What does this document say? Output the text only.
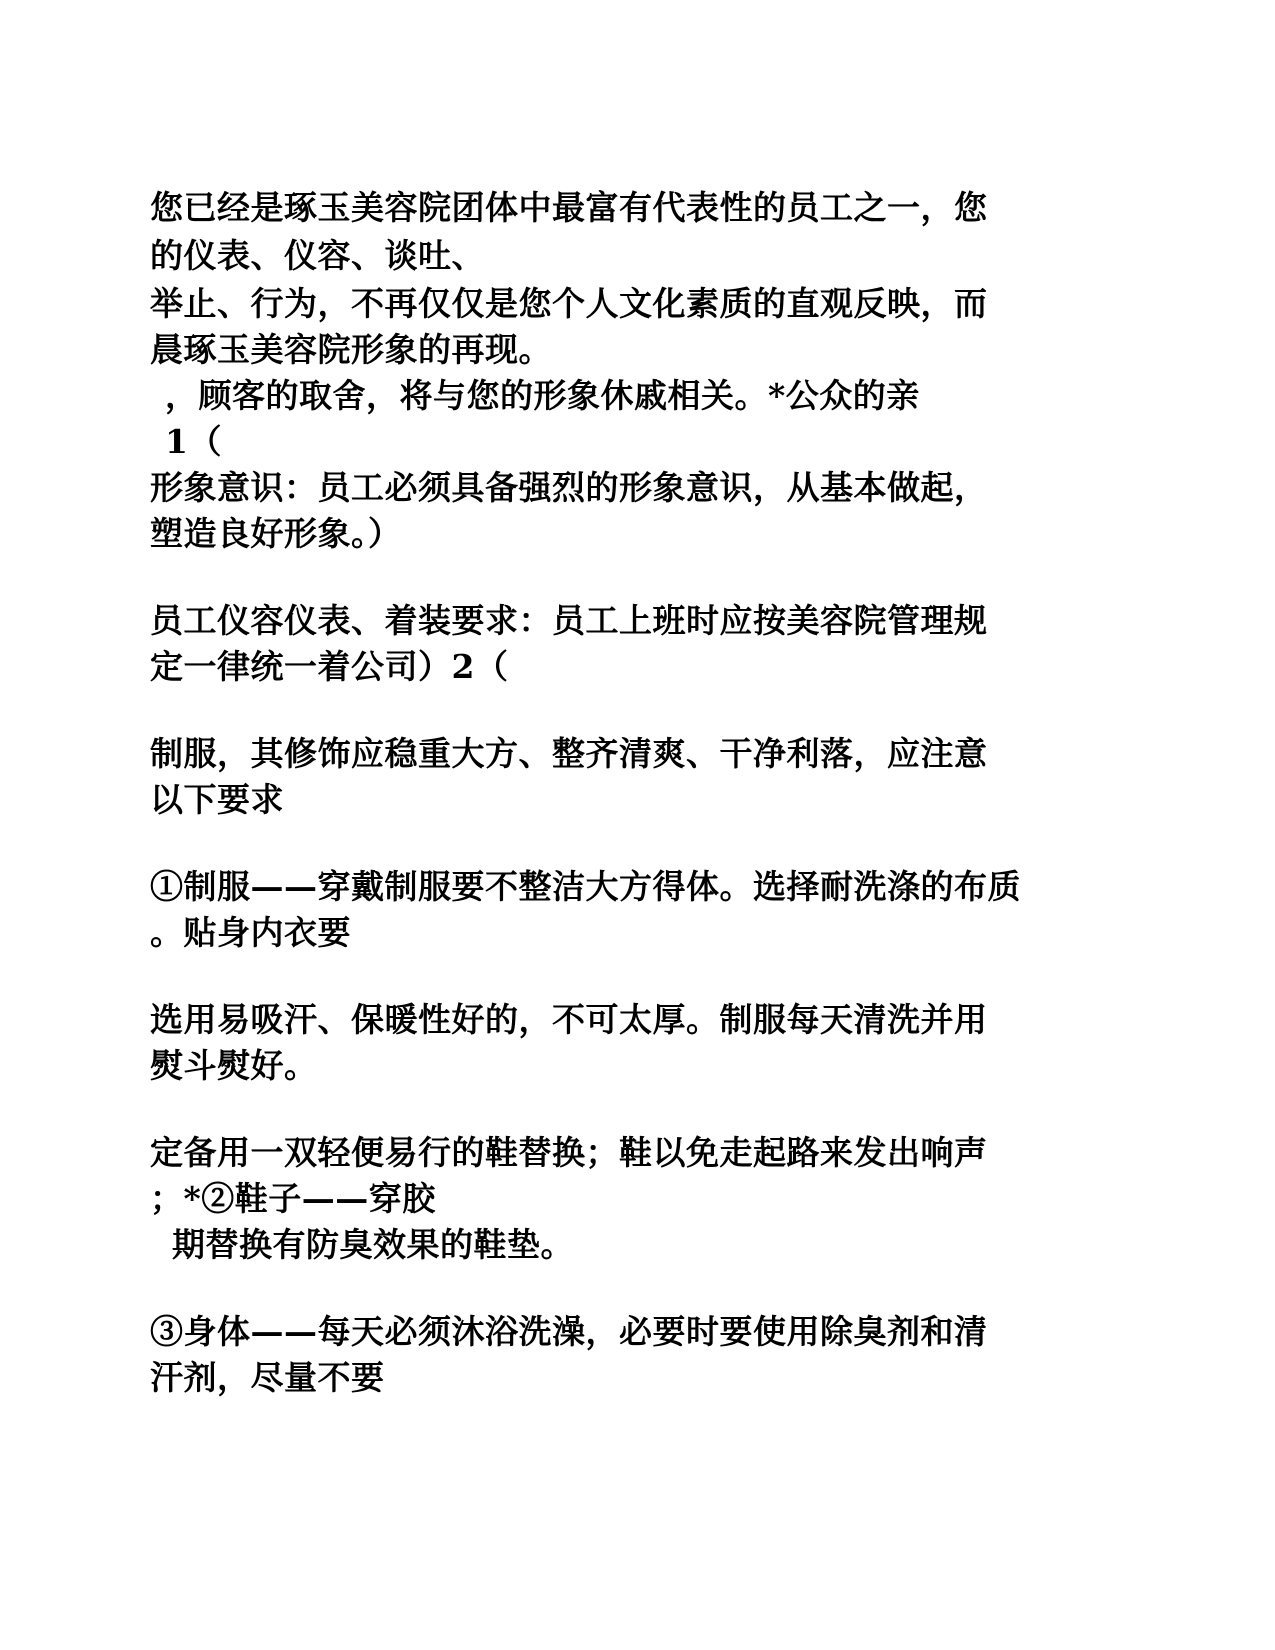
您已经是琢玉美容院团体中最富有代表性的员工之一，您
的仪表、仪容、谈吐、
举止、行为，不再仅仅是您个人文化素质的直观反映，而
晨琢玉美容院形象的再现。
，顾客的取舍，将与您的形象休戚相关。*公众的亲
1（
形象意识：员工必须具备强烈的形象意识，从基本做起，
塑造良好形象。）
员工仪容仪表、着装要求：员工上班时应按美容院管理规
定一律统一着公司）2（
制服，其修饰应稳重大方、整齐清爽、干净利落，应注意
以下要求
①制服——穿戴制服要不整洁大方得体。选择耐洗涤的布质
。贴身内衣要
选用易吸汗、保暖性好的，不可太厚。制服每天清洗并用
熨斗熨好。
定备用一双轻便易行的鞋替换；鞋以免走起路来发出响声
；*②鞋子——穿胶
期替换有防臭效果的鞋垫。
③身体——每天必须沐浴洗澡，必要时要使用除臭剂和清
汗剂，尽量不要
